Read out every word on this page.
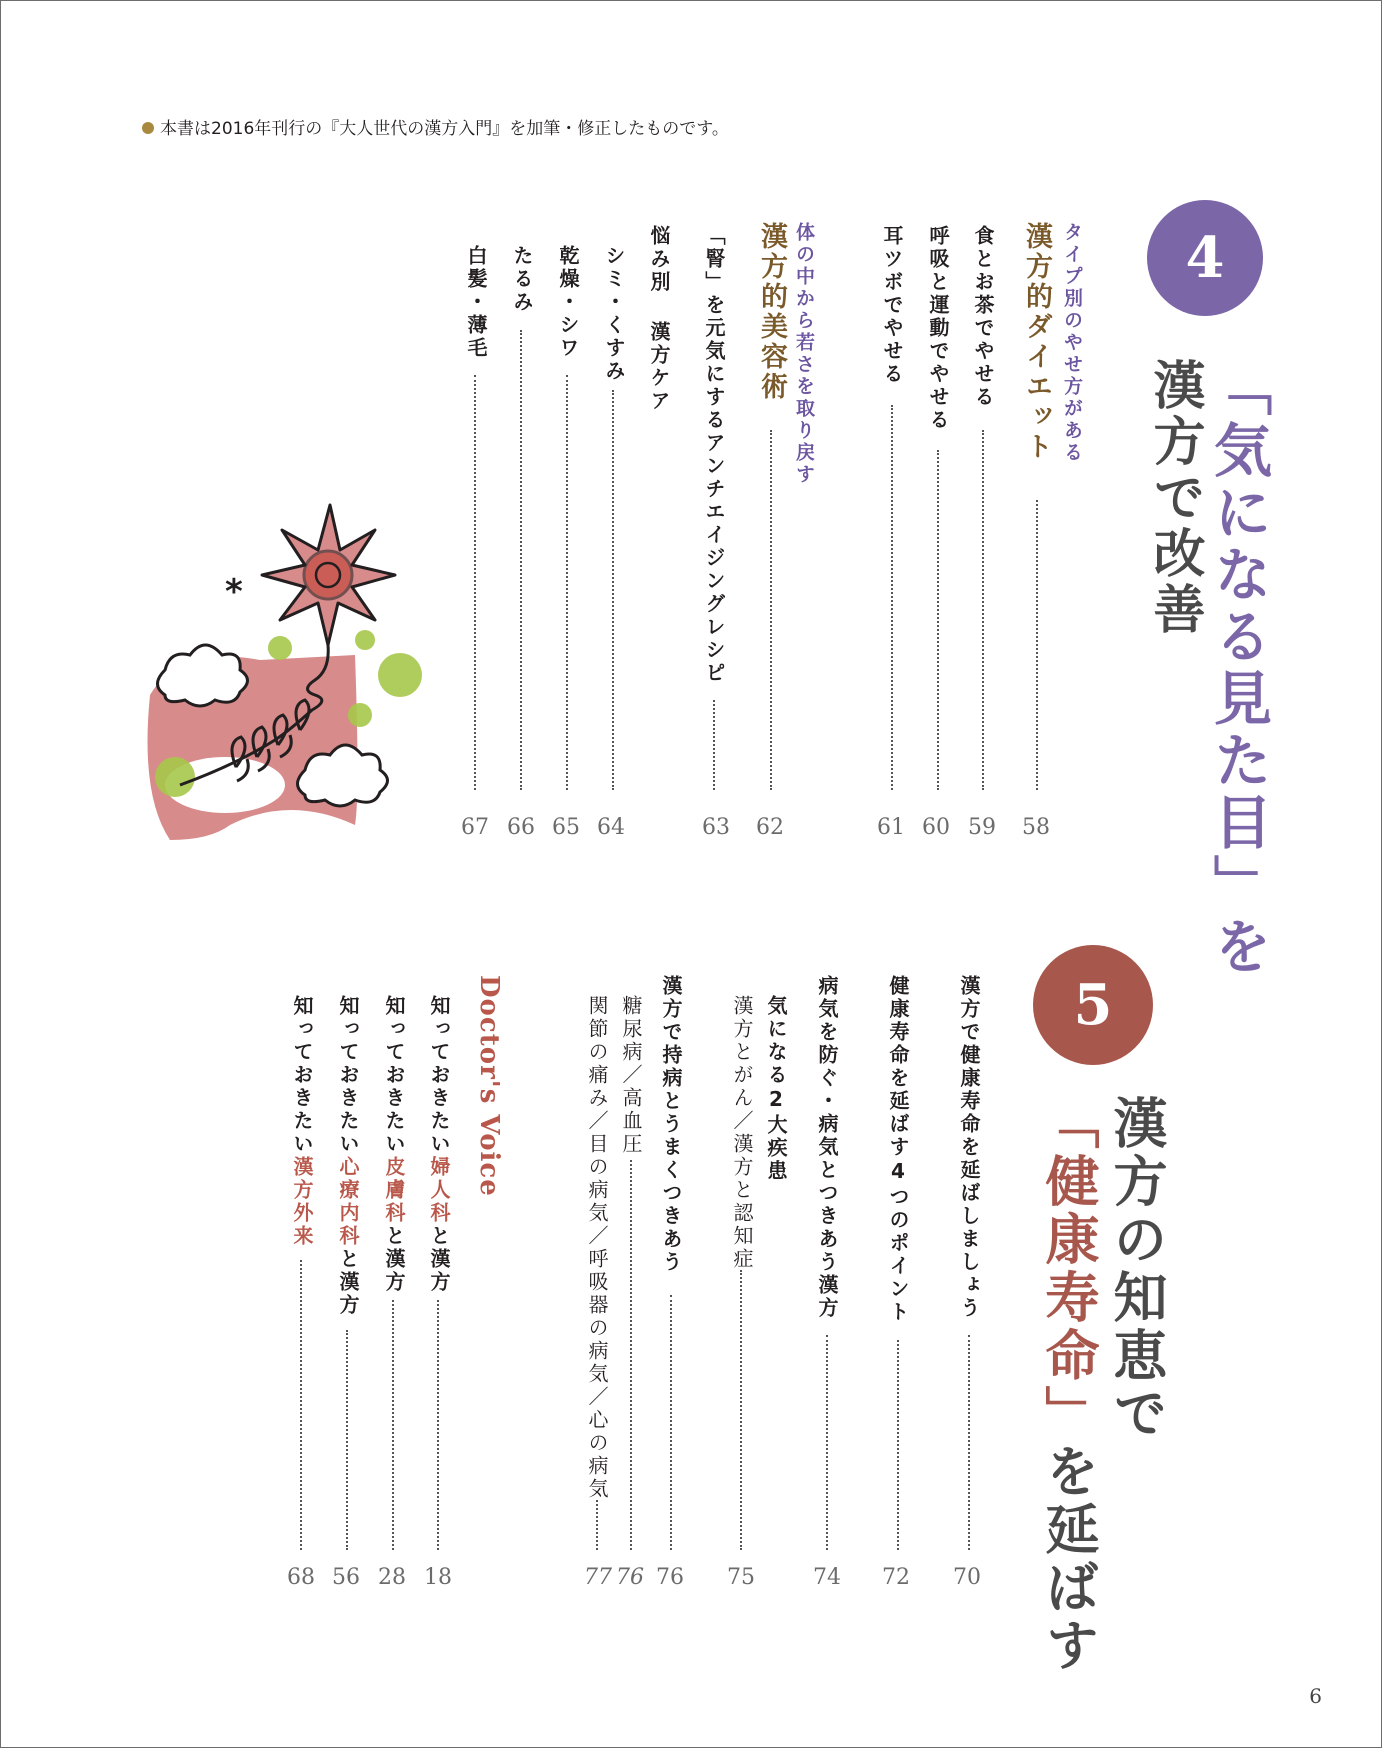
本書は2016年刊行の『大人世代の漢方入門』を加筆・修正したものです。
4
「気になる見た目」を
漢方で改善
タイプ別のやせ方がある
漢方的ダイエット
58
食とお茶でやせる
59
呼吸と運動でやせる
60
耳ツボでやせる
61
体の中から若さを取り戻す
漢方的美容術
62
「腎」を元気にするアンチエイジングレシピ
63
悩み別 漢方ケア
シミ・くすみ
64
乾燥・シワ
65
たるみ
66
白髪・薄毛
67
*
5
漢方の知恵で
「健康寿命」を延ばす
漢方で健康寿命を延ばしましょう
70
健康寿命を延ばす4つのポイント
72
病気を防ぐ・病気とつきあう漢方
74
気になる2大疾患
漢方とがん／漢方と認知症
75
漢方で持病とうまくつきあう
76
糖尿病／高血圧
76
関節の痛み／目の病気／呼吸器の病気／心の病気
77
Doctor's Voice
知っておきたい婦人科と漢方
18
知っておきたい皮膚科と漢方
28
知っておきたい心療内科と漢方
56
知っておきたい漢方外来
68
6
